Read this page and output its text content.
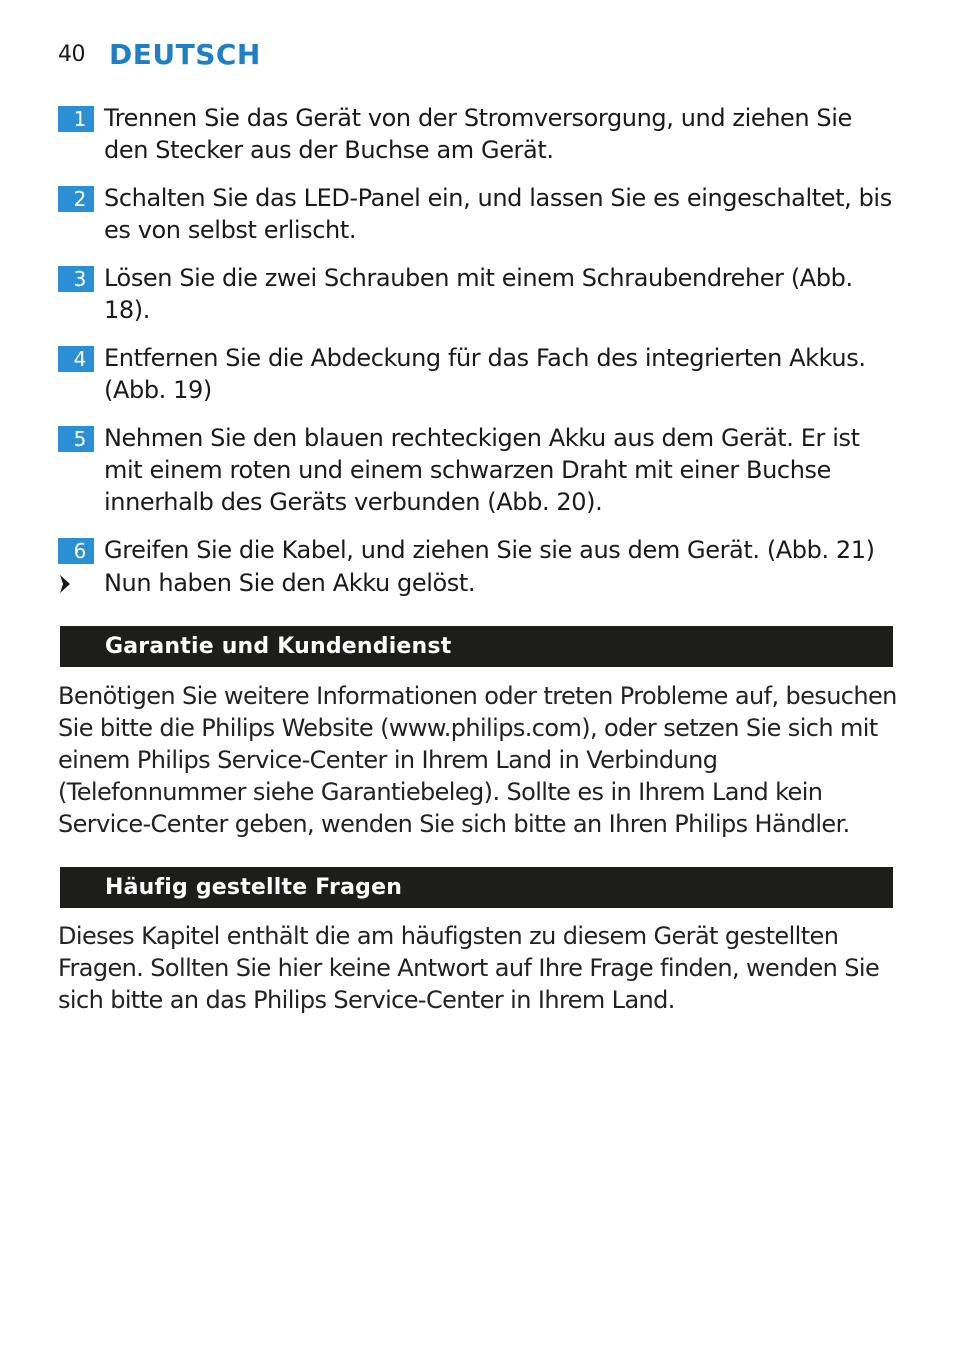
40 DEUTSCH
1 Trennen Sie das Gerät von der Stromversorgung, und ziehen Sie den Stecker aus der Buchse am Gerät.
2 Schalten Sie das LED-Panel ein, und lassen Sie es eingeschaltet, bis es von selbst erlischt.
3 Lösen Sie die zwei Schrauben mit einem Schraubendreher (Abb. 18).
4 Entfernen Sie die Abdeckung für das Fach des integrierten Akkus. (Abb. 19)
5 Nehmen Sie den blauen rechteckigen Akku aus dem Gerät. Er ist mit einem roten und einem schwarzen Draht mit einer Buchse innerhalb des Geräts verbunden (Abb. 20).
6 Greifen Sie die Kabel, und ziehen Sie sie aus dem Gerät. (Abb. 21)
Nun haben Sie den Akku gelöst.
Garantie und Kundendienst
Benötigen Sie weitere Informationen oder treten Probleme auf, besuchen Sie bitte die Philips Website (www.philips.com), oder setzen Sie sich mit einem Philips Service-Center in Ihrem Land in Verbindung (Telefonnummer siehe Garantiebeleg). Sollte es in Ihrem Land kein Service-Center geben, wenden Sie sich bitte an Ihren Philips Händler.
Häufig gestellte Fragen
Dieses Kapitel enthält die am häufigsten zu diesem Gerät gestellten Fragen. Sollten Sie hier keine Antwort auf Ihre Frage finden, wenden Sie sich bitte an das Philips Service-Center in Ihrem Land.
